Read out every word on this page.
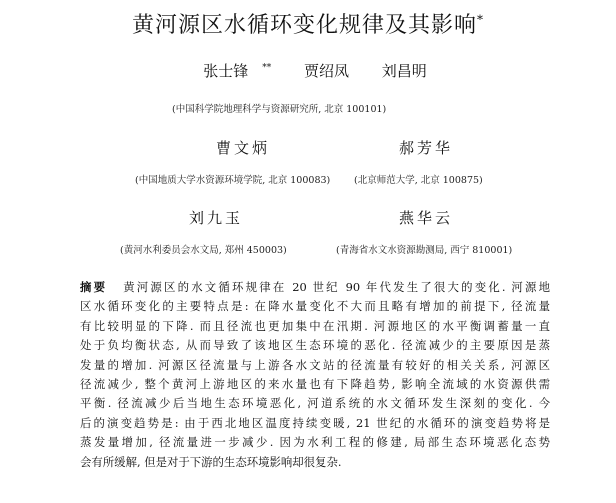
黄河源区水循环变化规律及其影响*
张士锋 ** 贾绍凤 刘昌明
(中国科学院地理科学与资源研究所, 北京 100101)
曹文炳	郝芳华
(中国地质大学水资源环境学院, 北京 100083)	(北京师范大学, 北京 100875)
刘九玉	燕华云
(黄河水利委员会水文局, 郑州 450003)	(青海省水文水资源勘测局, 西宁 810001)
摘要 黄河源区的水文循环规律在 20 世纪 90 年代发生了很大的变化. 河源地
区水循环变化的主要特点是: 在降水量变化不大而且略有增加的前提下, 径流量
有比较明显的下降. 而且径流也更加集中在汛期. 河源地区的水平衡调蓄量一直
处于负均衡状态, 从而导致了该地区生态环境的恶化. 径流减少的主要原因是蒸
发量的增加. 河源区径流量与上游各水文站的径流量有较好的相关关系, 河源区
径流减少, 整个黄河上游地区的来水量也有下降趋势, 影响全流域的水资源供需
平衡. 径流减少后当地生态环境恶化, 河道系统的水文循环发生深刻的变化. 今
后的演变趋势是: 由于西北地区温度持续变暖, 21 世纪的水循环的演变趋势将是
蒸发量增加, 径流量进一步减少. 因为水利工程的修建, 局部生态环境恶化态势
会有所缓解, 但是对于下游的生态环境影响却很复杂.
